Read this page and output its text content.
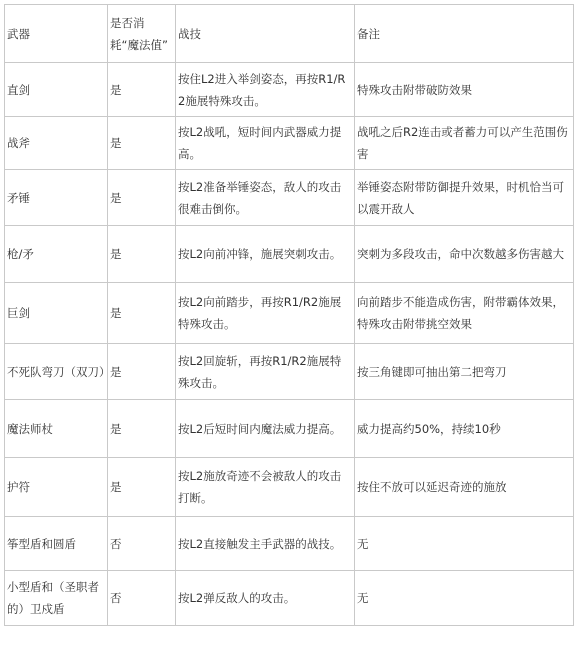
武器	是否消耗“魔法值”	战技	备注
直剑	是	按住L2进入举剑姿态，再按R1/R2施展特殊攻击。	特殊攻击附带破防效果
战斧	是	按L2战吼，短时间内武器威力提高。	战吼之后R2连击或者蓄力可以产生范围伤害
矛锤	是	按L2准备举锤姿态，敌人的攻击很难击倒你。	举锤姿态附带防御提升效果，时机恰当可以震开敌人
枪/矛	是	按L2向前冲锋，施展突刺攻击。	突刺为多段攻击，命中次数越多伤害越大
巨剑	是	按L2向前踏步，再按R1/R2施展特殊攻击。	向前踏步不能造成伤害，附带霸体效果，特殊攻击附带挑空效果
不死队弯刀（双刀）	是	按L2回旋斩，再按R1/R2施展特殊攻击。	按三角键即可抽出第二把弯刀
魔法师杖	是	按L2后短时间内魔法威力提高。	威力提高约50%，持续10秒
护符	是	按L2施放奇迹不会被敌人的攻击打断。	按住不放可以延迟奇迹的施放
筝型盾和圆盾	否	按L2直接触发主手武器的战技。	无
小型盾和（圣职者的）卫戍盾	否	按L2弹反敌人的攻击。	无
